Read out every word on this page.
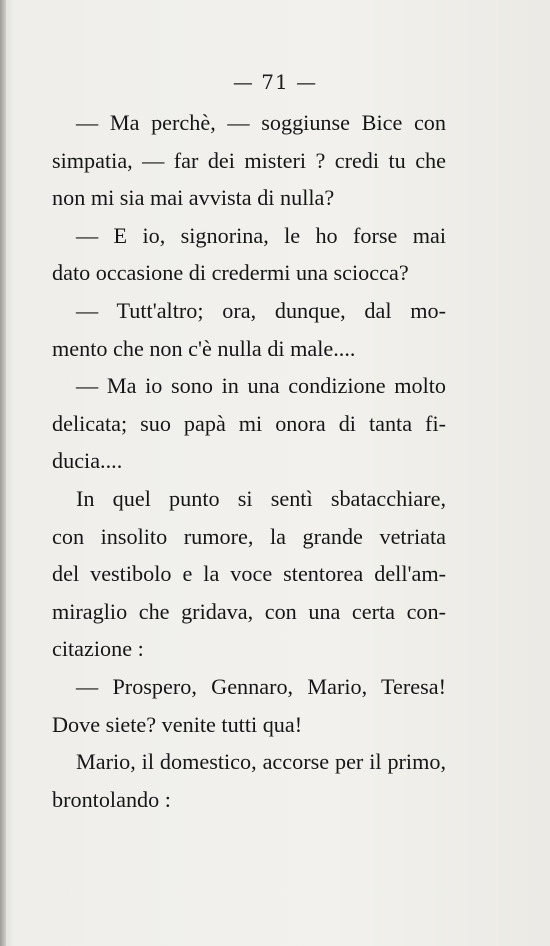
— 71 —
— Ma perchè, — soggiunse Bice con
simpatia, — far dei misteri ? credi tu che
non mi sia mai avvista di nulla?
— E io, signorina, le ho forse mai
dato occasione di credermi una sciocca?
— Tutt'altro; ora, dunque, dal mo-
mento che non c'è nulla di male....
— Ma io sono in una condizione molto
delicata; suo papà mi onora di tanta fi-
ducia....
In quel punto si sentì sbatacchiare,
con insolito rumore, la grande vetriata
del vestibolo e la voce stentorea dell'am-
miraglio che gridava, con una certa con-
citazione :
— Prospero, Gennaro, Mario, Teresa!
Dove siete? venite tutti qua!
Mario, il domestico, accorse per il primo,
brontolando :
